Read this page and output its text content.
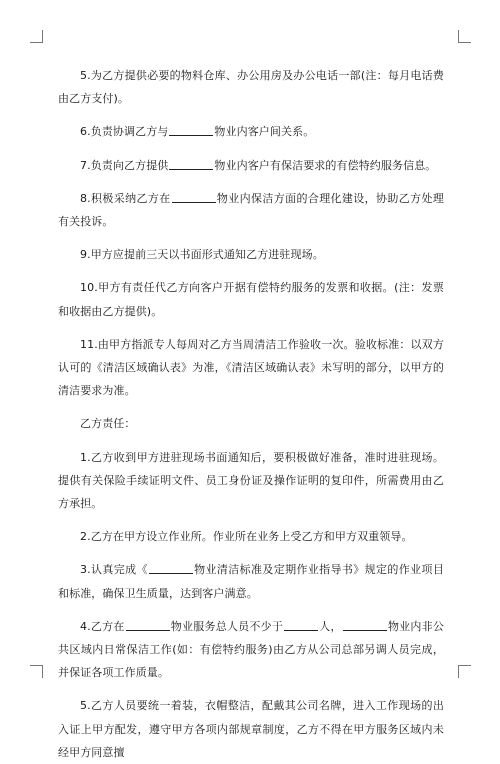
5.为乙方提供必要的物料仓库、办公用房及办公电话一部(注：每月电话费由乙方支付)。

6.负责协调乙方与	物业内客户间关系。

7.负责向乙方提供	物业内客户有保洁要求的有偿特约服务信息。

8.积极采纳乙方在	物业内保洁方面的合理化建设，协助乙方处理有关投诉。

9.甲方应提前三天以书面形式通知乙方进驻现场。

10.甲方有责任代乙方向客户开据有偿特约服务的发票和收据。(注：发票和收据由乙方提供)。

11.由甲方指派专人每周对乙方当周清洁工作验收一次。验收标准：以双方认可的《清洁区域确认表》为准，《清洁区域确认表》未写明的部分，以甲方的清洁要求为准。

乙方责任：

1.乙方收到甲方进驻现场书面通知后，要积极做好准备，准时进驻现场。提供有关保险手续证明文件、员工身份证及操作证明的复印件，所需费用由乙方承担。

2.乙方在甲方设立作业所。作业所在业务上受乙方和甲方双重领导。

3.认真完成《	物业清洁标准及定期作业指导书》规定的作业项目和标准，确保卫生质量，达到客户满意。

4.乙方在	物业服务总人员不少于	人，	物业内非公共区域内日常保洁工作(如：有偿特约服务)由乙方从公司总部另调人员完成，并保证各项工作质量。

5.乙方人员要统一着装，衣帽整洁，配戴其公司名牌，进入工作现场的出入证上甲方配发，遵守甲方各项内部规章制度，乙方不得在甲方服务区域内未经甲方同意擅
